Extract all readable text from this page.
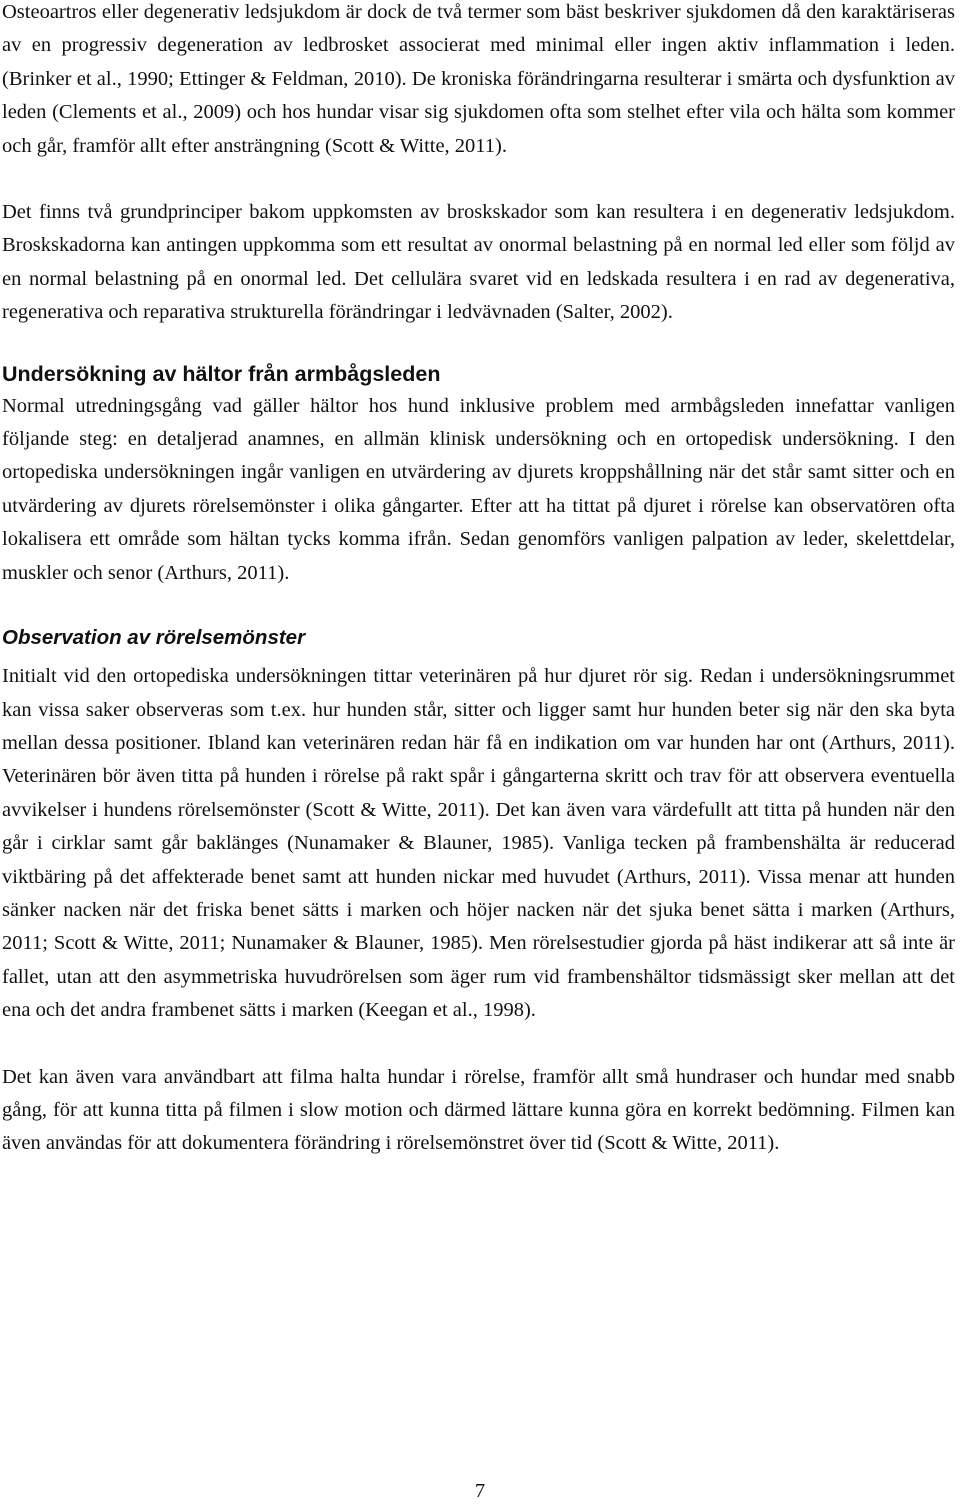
Osteoartros eller degenerativ ledsjukdom är dock de två termer som bäst beskriver sjukdomen då den karaktäriseras av en progressiv degeneration av ledbrosket associerat med minimal eller ingen aktiv inflammation i leden. (Brinker et al., 1990; Ettinger & Feldman, 2010). De kroniska förändringarna resulterar i smärta och dysfunktion av leden (Clements et al., 2009) och hos hundar visar sig sjukdomen ofta som stelhet efter vila och hälta som kommer och går, framför allt efter ansträngning (Scott & Witte, 2011).

Det finns två grundprinciper bakom uppkomsten av broskskador som kan resultera i en degenerativ ledsjukdom. Broskskadorna kan antingen uppkomma som ett resultat av onormal belastning på en normal led eller som följd av en normal belastning på en onormal led. Det cellulära svaret vid en ledskada resultera i en rad av degenerativa, regenerativa och reparativa strukturella förändringar i ledvävnaden (Salter, 2002).

Undersökning av hältor från armbågsleden

Normal utredningsgång vad gäller hältor hos hund inklusive problem med armbågsleden innefattar vanligen följande steg: en detaljerad anamnes, en allmän klinisk undersökning och en ortopedisk undersökning. I den ortopediska undersökningen ingår vanligen en utvärdering av djurets kroppshållning när det står samt sitter och en utvärdering av djurets rörelsemönster i olika gångarter. Efter att ha tittat på djuret i rörelse kan observatören ofta lokalisera ett område som hältan tycks komma ifrån. Sedan genomförs vanligen palpation av leder, skelettdelar, muskler och senor (Arthurs, 2011).

Observation av rörelsemönster

Initialt vid den ortopediska undersökningen tittar veterinären på hur djuret rör sig. Redan i undersökningsrummet kan vissa saker observeras som t.ex. hur hunden står, sitter och ligger samt hur hunden beter sig när den ska byta mellan dessa positioner. Ibland kan veterinären redan här få en indikation om var hunden har ont (Arthurs, 2011). Veterinären bör även titta på hunden i rörelse på rakt spår i gångarterna skritt och trav för att observera eventuella avvikelser i hundens rörelsemönster (Scott & Witte, 2011). Det kan även vara värdefullt att titta på hunden när den går i cirklar samt går baklänges (Nunamaker & Blauner, 1985). Vanliga tecken på frambenshälta är reducerad viktbäring på det affekterade benet samt att hunden nickar med huvudet (Arthurs, 2011). Vissa menar att hunden sänker nacken när det friska benet sätts i marken och höjer nacken när det sjuka benet sätta i marken (Arthurs, 2011; Scott & Witte, 2011; Nunamaker & Blauner, 1985). Men rörelsestudier gjorda på häst indikerar att så inte är fallet, utan att den asymmetriska huvudrörelsen som äger rum vid frambenshältor tidsmässigt sker mellan att det ena och det andra frambenet sätts i marken (Keegan et al., 1998).

Det kan även vara användbart att filma halta hundar i rörelse, framför allt små hundraser och hundar med snabb gång, för att kunna titta på filmen i slow motion och därmed lättare kunna göra en korrekt bedömning. Filmen kan även användas för att dokumentera förändring i rörelsemönstret över tid (Scott & Witte, 2011).

7
